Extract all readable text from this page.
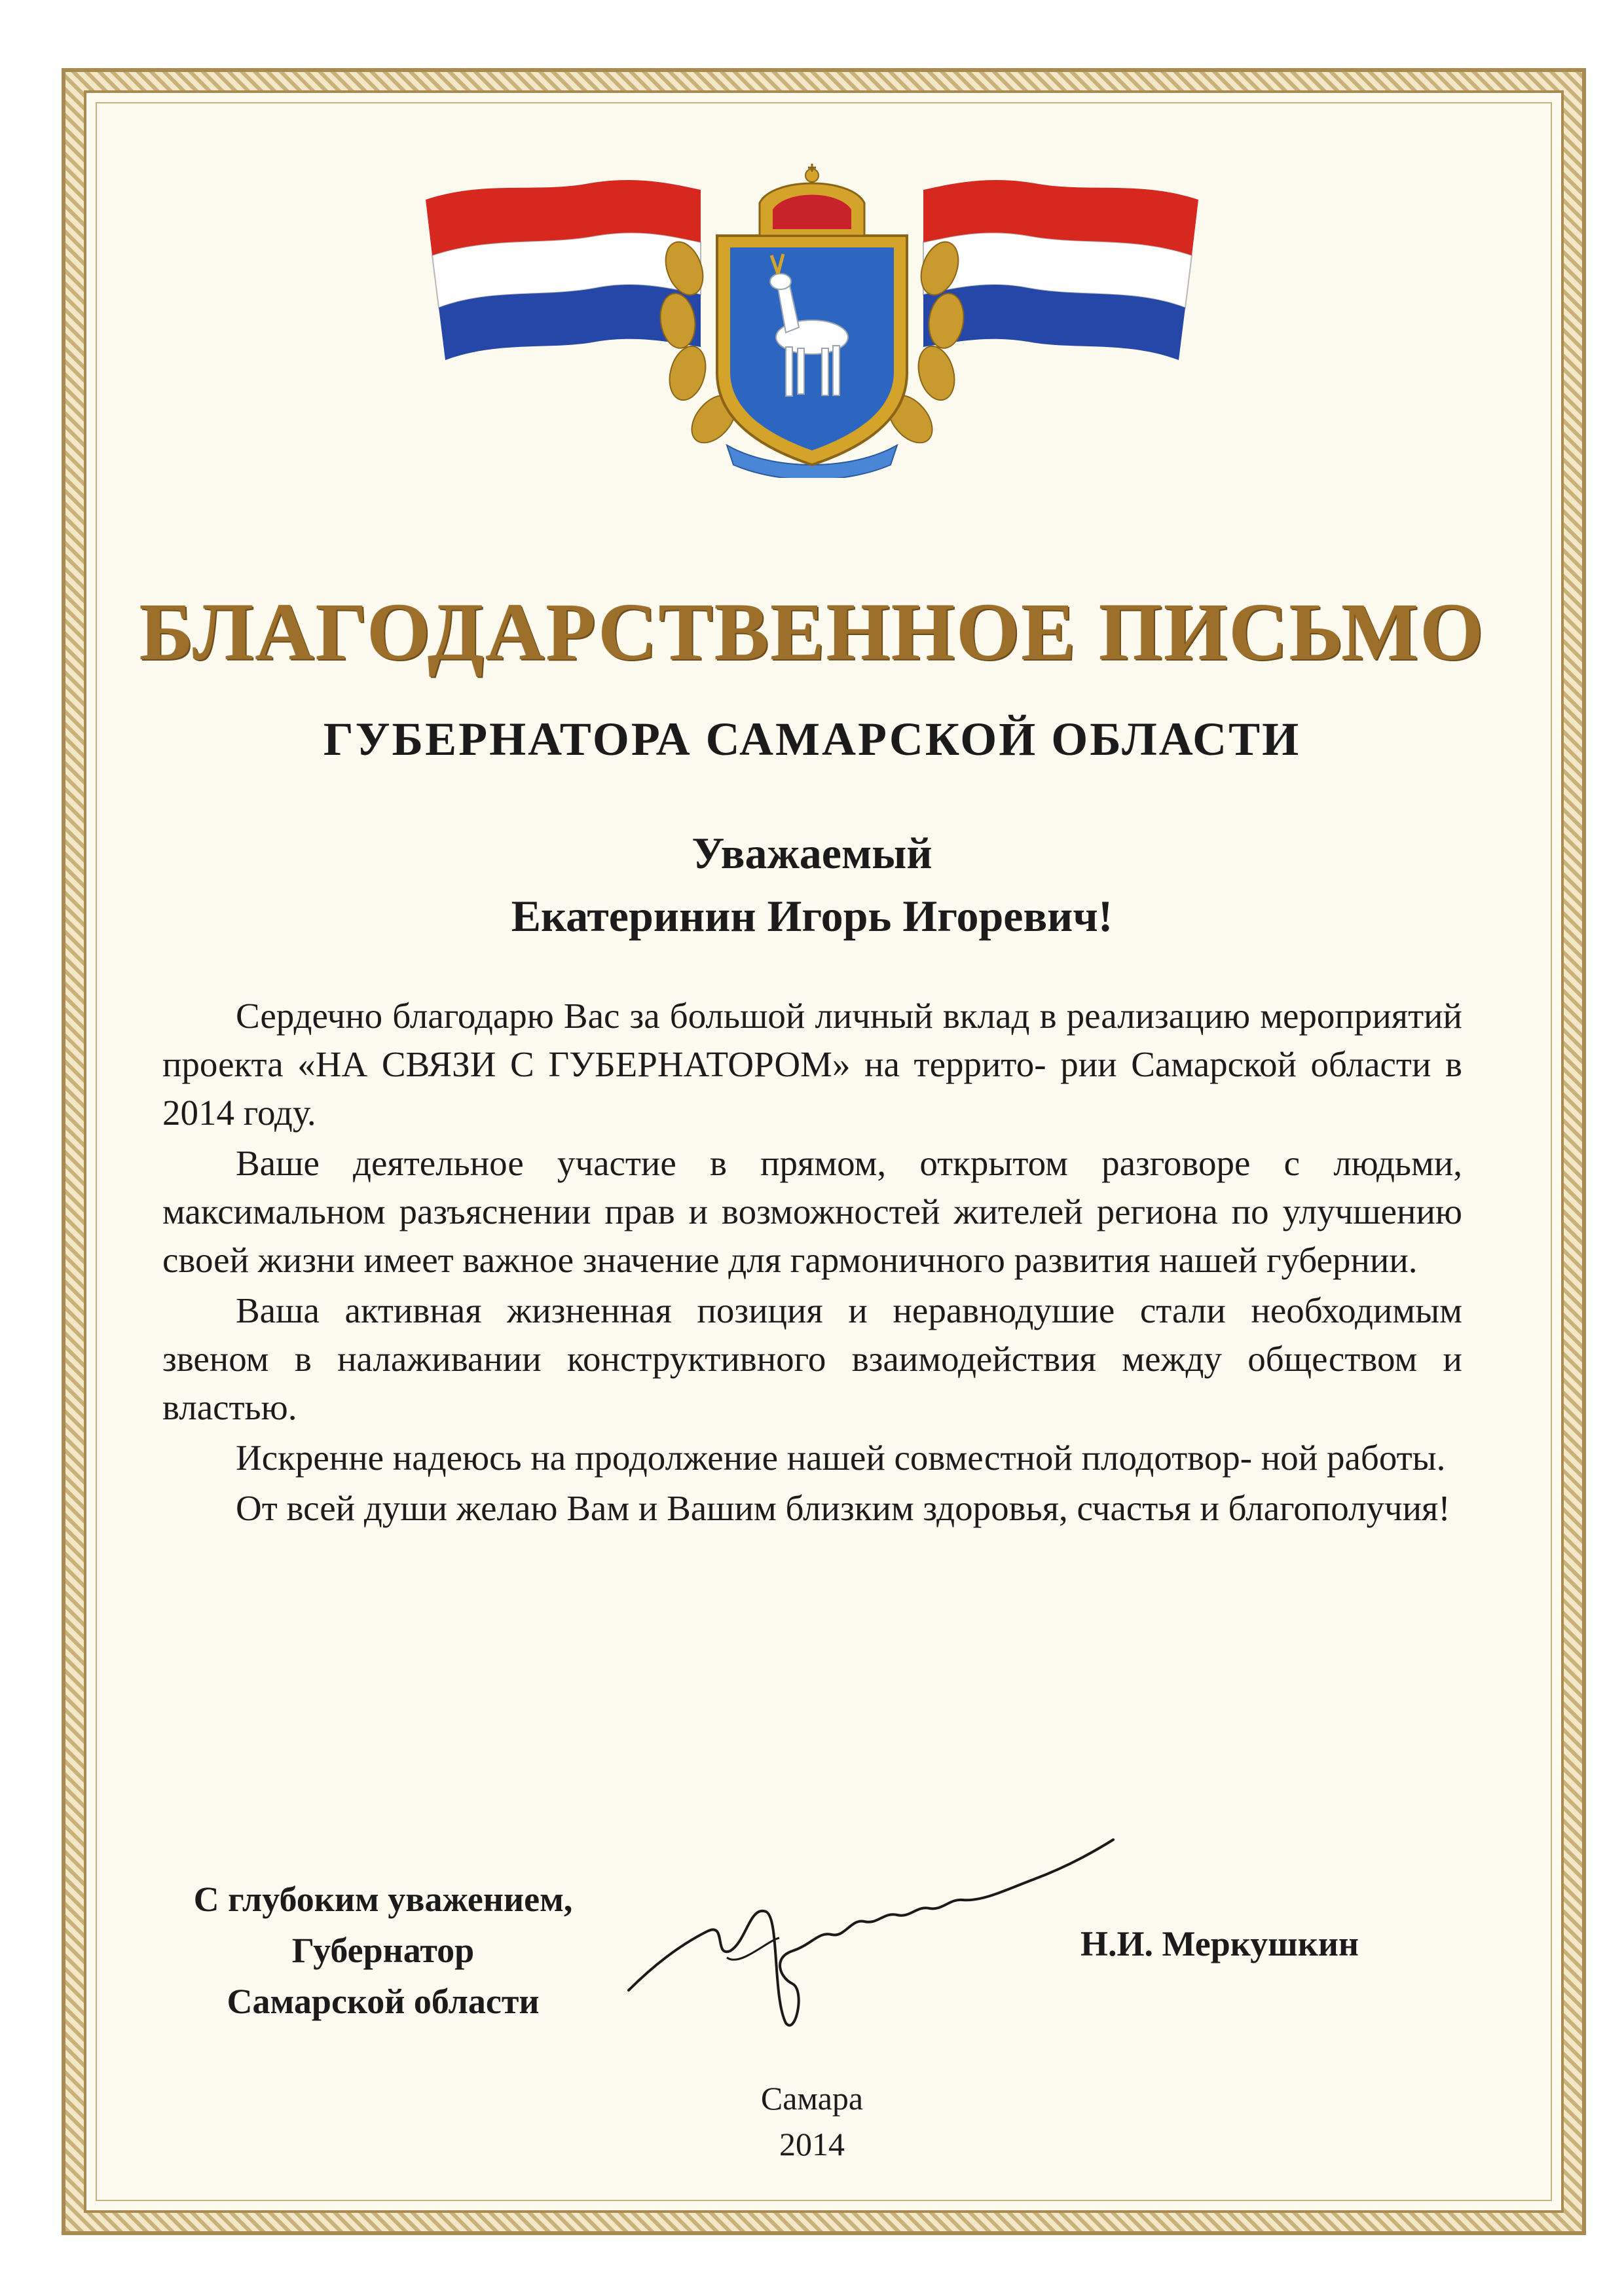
БЛАГОДАРСТВЕННОЕ ПИСЬМО
ГУБЕРНАТОРА САМАРСКОЙ ОБЛАСТИ
Уважаемый
Екатеринин Игорь Игоревич!

Сердечно благодарю Вас за большой личный вклад в реализацию мероприятий проекта «НА СВЯЗИ С ГУБЕРНАТОРОМ» на террито- рии Самарской области в 2014 году.

Ваше деятельное участие в прямом, открытом разговоре с людьми, максимальном разъяснении прав и возможностей жителей региона по улучшению своей жизни имеет важное значение для гармоничного развития нашей губернии.

Ваша активная жизненная позиция и неравнодушие стали необходимым звеном в налаживании конструктивного взаимодействия между обществом и властью.

Искренне надеюсь на продолжение нашей совместной плодотвор- ной работы.

От всей души желаю Вам и Вашим близким здоровья, счастья и благополучия!

С глубоким уважением,
Губернатор
Самарской области
Н.И. Меркушкин
Самара
2014
